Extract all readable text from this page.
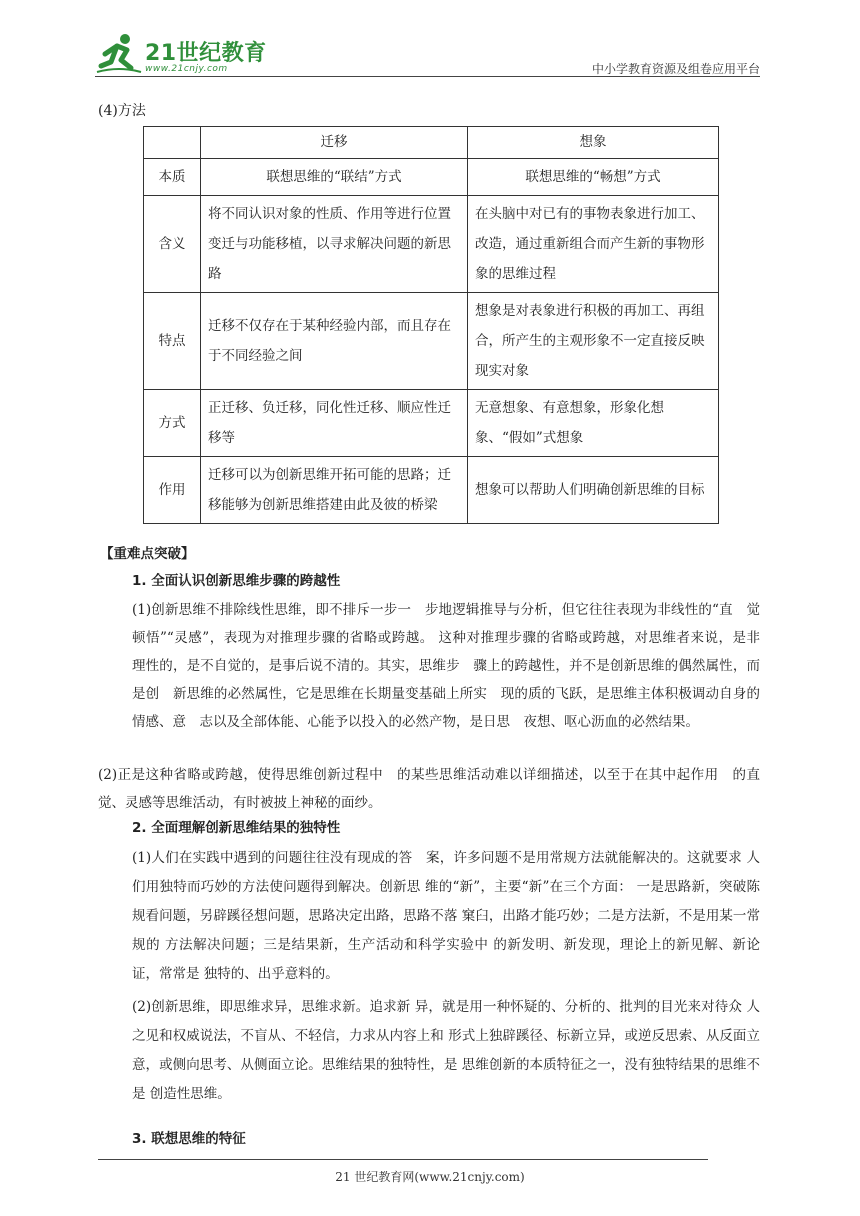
21世纪教育
www.21cnjy.com	中小学教育资源及组卷应用平台
(4)方法
	迁移	想象
本质	联想思维的“联结”方式	联想思维的“畅想”方式
含义	将不同认识对象的性质、作用等进行位置变迁与功能移植，以寻求解决问题的新思路	在头脑中对已有的事物表象进行加工、改造，通过重新组合而产生新的事物形象的思维过程
特点	迁移不仅存在于某种经验内部，而且存在于不同经验之间	想象是对表象进行积极的再加工、再组合，所产生的主观形象不一定直接反映现实对象
方式	正迁移、负迁移，同化性迁移、顺应性迁移等	无意想象、有意想象，形象化想象、“假如”式想象
作用	迁移可以为创新思维开拓可能的思路；迁移能够为创新思维搭建由此及彼的桥梁	想象可以帮助人们明确创新思维的目标
【重难点突破】
1. 全面认识创新思维步骤的跨越性
(1)创新思维不排除线性思维，即不排斥一步一　步地逻辑推导与分析，但它往往表现为非线性的“直　觉顿悟”“灵感”，表现为对推理步骤的省略或跨越。 这种对推理步骤的省略或跨越，对思维者来说，是非　理性的，是不自觉的，是事后说不清的。其实，思维步　骤上的跨越性，并不是创新思维的偶然属性，而是创　新思维的必然属性，它是思维在长期量变基础上所实　现的质的飞跃，是思维主体积极调动自身的情感、意　志以及全部体能、心能予以投入的必然产物，是日思　夜想、呕心沥血的必然结果。
(2)正是这种省略或跨越，使得思维创新过程中　的某些思维活动难以详细描述，以至于在其中起作用　的直觉、灵感等思维活动，有时被披上神秘的面纱。
2. 全面理解创新思维结果的独特性
(1)人们在实践中遇到的问题往往没有现成的答　案，许多问题不是用常规方法就能解决的。这就要求 人们用独特而巧妙的方法使问题得到解决。创新思 维的“新”，主要“新”在三个方面： 一是思路新，突破陈规看问题，另辟蹊径想问题，思路决定出路，思路不落 窠臼，出路才能巧妙；二是方法新，不是用某一常规的 方法解决问题；三是结果新，生产活动和科学实验中 的新发明、新发现，理论上的新见解、新论证，常常是 独特的、出乎意料的。
(2)创新思维，即思维求异，思维求新。追求新 异，就是用一种怀疑的、分析的、批判的目光来对待众 人之见和权威说法，不盲从、不轻信，力求从内容上和 形式上独辟蹊径、标新立异，或逆反思索、从反面立 意，或侧向思考、从侧面立论。思维结果的独特性，是 思维创新的本质特征之一，没有独特结果的思维不是 创造性思维。
3. 联想思维的特征
21 世纪教育网(www.21cnjy.com)
